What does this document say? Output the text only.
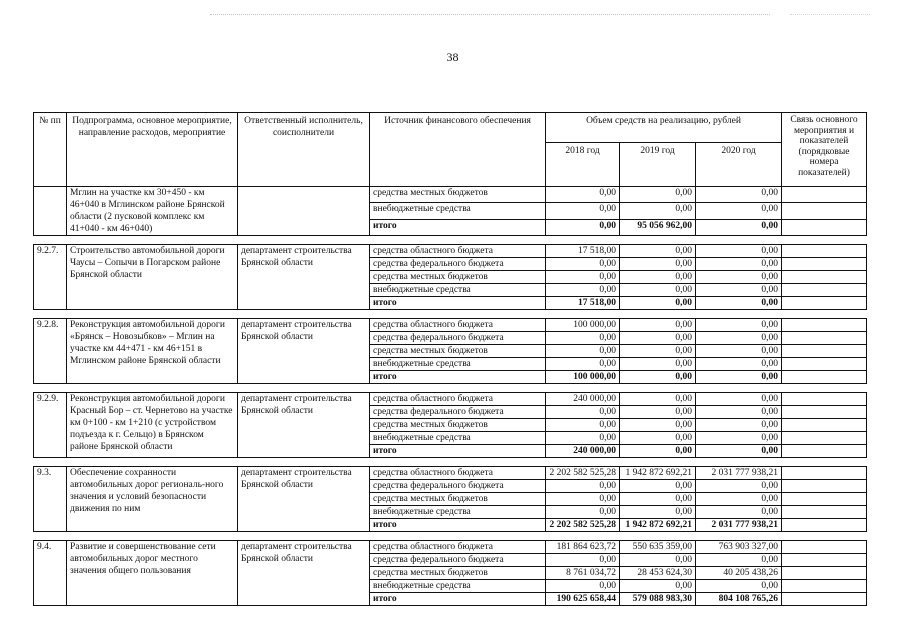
38
№ пп	Подпрограмма, основное мероприятие, направление расходов, мероприятие	Ответственный исполнитель, соисполнители	Источник финансового обеспечения	Объем средств на реализацию, рублей			Связь основного мероприятия и показателей (порядковые номера показателей)
				2018 год	2019 год	2020 год	
	Мглин на участке км 30+450 - км 46+040 в Мглинском районе Брянской области (2 пусковой комплекс км 41+040 - км 46+040)		средства местных бюджетов	0,00	0,00	0,00	
			внебюджетные средства	0,00	0,00	0,00	
			итого	0,00	95 056 962,00	0,00	

9.2.7.	Строительство автомобильной дороги Чаусы – Сопычи в Погарском районе Брянской области	департамент строительства Брянской области	средства областного бюджета	17 518,00	0,00	0,00	
			средства федерального бюджета	0,00	0,00	0,00	
			средства местных бюджетов	0,00	0,00	0,00	
			внебюджетные средства	0,00	0,00	0,00	
			итого	17 518,00	0,00	0,00	

9.2.8.	Реконструкция автомобильной дороги «Брянск – Новозыбков» – Мглин на участке км 44+471 - км 46+151 в Мглинском районе Брянской области	департамент строительства Брянской области	средства областного бюджета	100 000,00	0,00	0,00	
			средства федерального бюджета	0,00	0,00	0,00	
			средства местных бюджетов	0,00	0,00	0,00	
			внебюджетные средства	0,00	0,00	0,00	
			итого	100 000,00	0,00	0,00	

9.2.9.	Реконструкция автомобильной дороги Красный Бор – ст. Чернетово на участке км 0+100 - км 1+210 (с устройством подъезда к г. Сельцо) в Брянском районе Брянской области	департамент строительства Брянской области	средства областного бюджета	240 000,00	0,00	0,00	
			средства федерального бюджета	0,00	0,00	0,00	
			средства местных бюджетов	0,00	0,00	0,00	
			внебюджетные средства	0,00	0,00	0,00	
			итого	240 000,00	0,00	0,00	

9.3.	Обеспечение сохранности автомобильных дорог региональ-ного значения и условий безопасности движения по ним	департамент строительства Брянской области	средства областного бюджета	2 202 582 525,28	1 942 872 692,21	2 031 777 938,21	
			средства федерального бюджета	0,00	0,00	0,00	
			средства местных бюджетов	0,00	0,00	0,00	
			внебюджетные средства	0,00	0,00	0,00	
			итого	2 202 582 525,28	1 942 872 692,21	2 031 777 938,21	

9.4.	Развитие и совершенствование сети автомобильных дорог местного значения общего пользования	департамент строительства Брянской области	средства областного бюджета	181 864 623,72	550 635 359,00	763 903 327,00	
			средства федерального бюджета	0,00	0,00	0,00	
			средства местных бюджетов	8 761 034,72	28 453 624,30	40 205 438,26	
			внебюджетные средства	0,00	0,00	0,00	
			итого	190 625 658,44	579 088 983,30	804 108 765,26	
